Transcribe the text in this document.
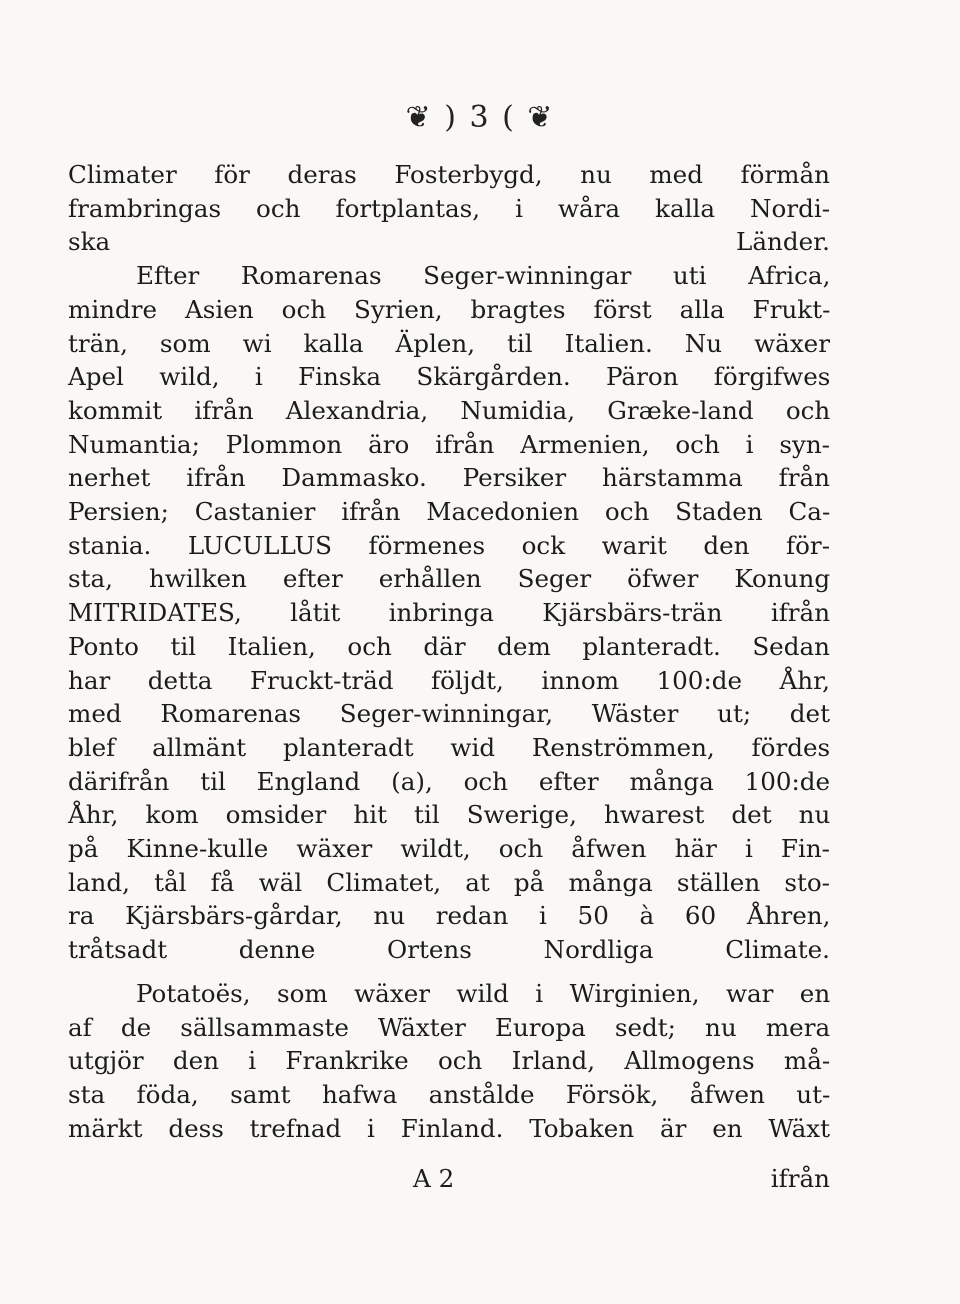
❦ ) 3 ( ❦
Climater för deras Fosterbygd, nu med förmån
frambringas och fortplantas, i wåra kalla Nordi-
ska Länder.
Efter Romarenas Seger-winningar uti Africa,
mindre Asien och Syrien, bragtes först alla Frukt-
trän, som wi kalla Äplen, til Italien. Nu wäxer
Apel wild, i Finska Skärgården. Päron förgifwes
kommit ifrån Alexandria, Numidia, Græke-land och
Numantia; Plommon äro ifrån Armenien, och i syn-
nerhet ifrån Dammasko. Persiker härstamma från
Persien; Castanier ifrån Macedonien och Staden Ca-
stania. LUCULLUS förmenes ock warit den för-
sta, hwilken efter erhållen Seger öfwer Konung
MITRIDATES, låtit inbringa Kjärsbärs-trän ifrån
Ponto til Italien, och där dem planteradt. Sedan
har detta Fruckt-träd följdt, innom 100:de Åhr,
med Romarenas Seger-winningar, Wäster ut; det
blef allmänt planteradt wid Renströmmen, fördes
därifrån til England (a), och efter många 100:de
Åhr, kom omsider hit til Swerige, hwarest det nu
på Kinne-kulle wäxer wildt, och åfwen här i Fin-
land, tål få wäl Climatet, at på många ställen sto-
ra Kjärsbärs-gårdar, nu redan i 50 à 60 Åhren,
tråtsadt denne Ortens Nordliga Climate.
Potatoës, som wäxer wild i Wirginien, war en
af de sällsammaste Wäxter Europa sedt; nu mera
utgjör den i Frankrike och Irland, Allmogens må-
sta föda, samt hafwa anstålde Försök, åfwen ut-
märkt dess trefnad i Finland. Tobaken är en Wäxt
A 2	ifrån
